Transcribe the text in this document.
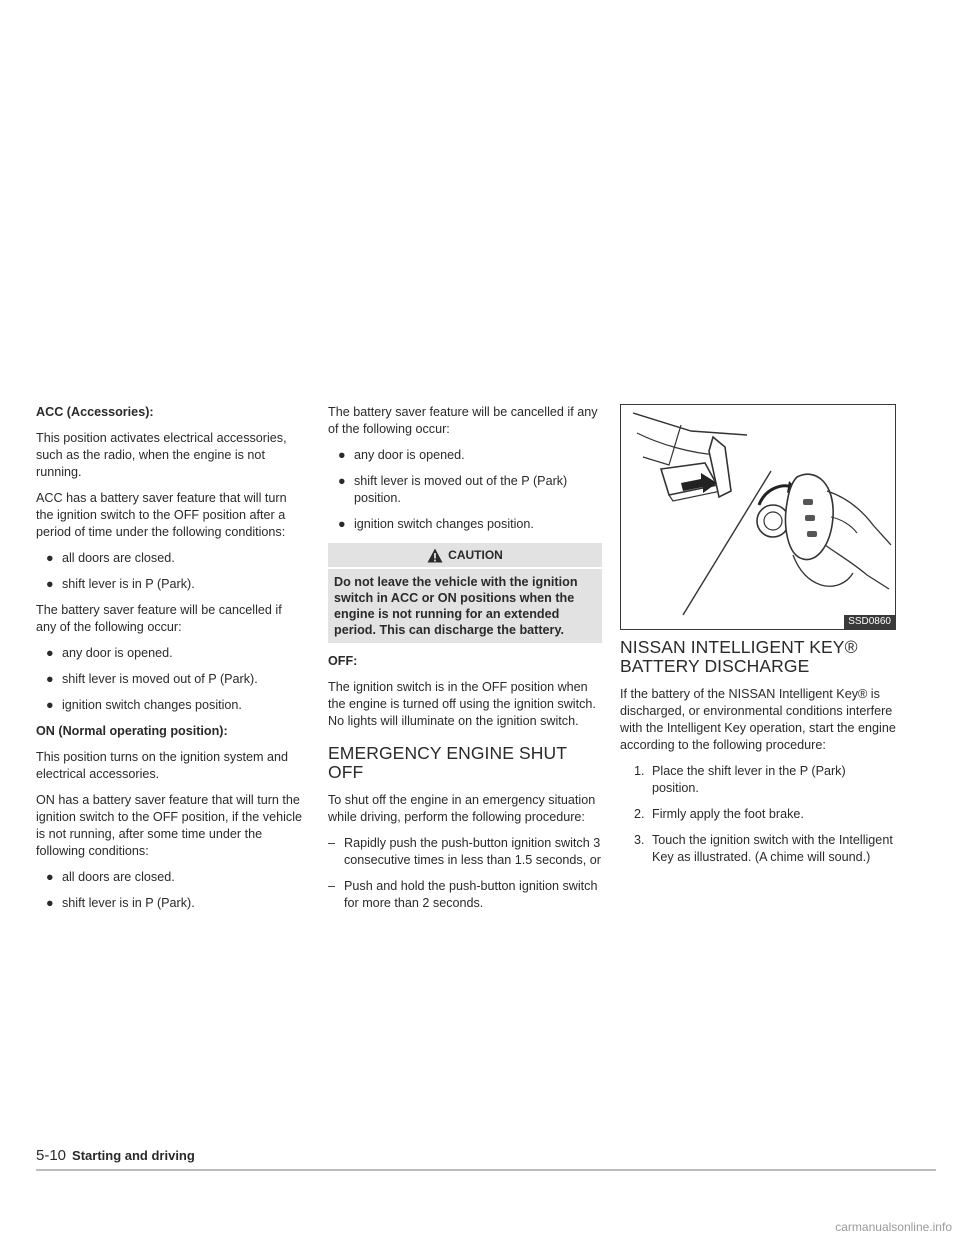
ACC (Accessories):

This position activates electrical accessories, such as the radio, when the engine is not running.

ACC has a battery saver feature that will turn the ignition switch to the OFF position after a period of time under the following conditions:

● all doors are closed.
● shift lever is in P (Park).

The battery saver feature will be cancelled if any of the following occur:

● any door is opened.
● shift lever is moved out of P (Park).
● ignition switch changes position.
ON (Normal operating position):

This position turns on the ignition system and electrical accessories.

ON has a battery saver feature that will turn the ignition switch to the OFF position, if the vehicle is not running, after some time under the following conditions:

● all doors are closed.
● shift lever is in P (Park).

The battery saver feature will be cancelled if any of the following occur:

● any door is opened.
● shift lever is moved out of the P (Park) position.
● ignition switch changes position.
CAUTION
Do not leave the vehicle with the ignition switch in ACC or ON positions when the engine is not running for an extended period. This can discharge the battery.
OFF:

The ignition switch is in the OFF position when the engine is turned off using the ignition switch. No lights will illuminate on the ignition switch.

EMERGENCY ENGINE SHUT OFF

To shut off the engine in an emergency situation while driving, perform the following procedure:

– Rapidly push the push-button ignition switch 3 consecutive times in less than 1.5 seconds, or
– Push and hold the push-button ignition switch for more than 2 seconds.
SSD0860
NISSAN INTELLIGENT KEY®
BATTERY DISCHARGE

If the battery of the NISSAN Intelligent Key® is discharged, or environmental conditions interfere with the Intelligent Key operation, start the engine according to the following procedure:

1. Place the shift lever in the P (Park) position.
2. Firmly apply the foot brake.
3. Touch the ignition switch with the Intelligent Key as illustrated. (A chime will sound.)
5-10 Starting and driving
carmanualsonline.info
